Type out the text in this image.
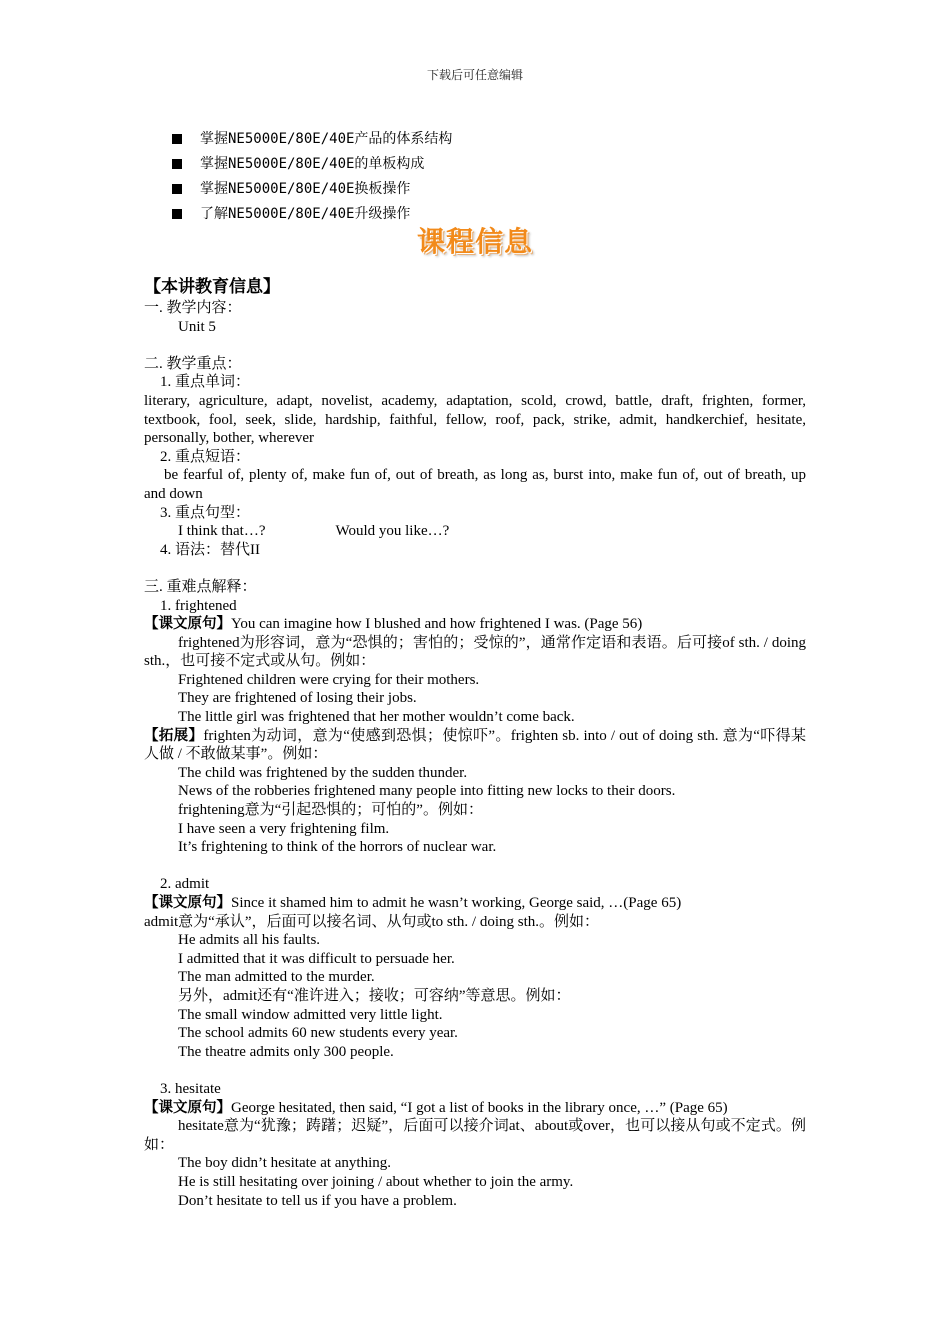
下载后可任意编辑
掌握NE5000E/80E/40E产品的体系结构
掌握NE5000E/80E/40E的单板构成
掌握NE5000E/80E/40E换板操作
了解NE5000E/80E/40E升级操作
课程信息
【本讲教育信息】
一. 教学内容：
Unit 5
二. 教学重点：
1. 重点单词：
literary, agriculture, adapt, novelist, academy, adaptation, scold, crowd, battle, draft, frighten, former, textbook, fool, seek, slide, hardship, faithful, fellow, roof, pack, strike, admit, handkerchief, hesitate, personally, bother, wherever
2. 重点短语：
be fearful of, plenty of, make fun of, out of breath, as long as, burst into, make fun of, out of breath, up and down
3. 重点句型：
I think that…?	Would you like…?
4. 语法：替代II
三. 重难点解释：
1. frightened
【课文原句】You can imagine how I blushed and how frightened I was. (Page 56)
frightened为形容词，意为“恐惧的；害怕的；受惊的”，通常作定语和表语。后可接of sth. / doing sth.，也可接不定式或从句。例如：
Frightened children were crying for their mothers.
They are frightened of losing their jobs.
The little girl was frightened that her mother wouldn’t come back.
【拓展】frighten为动词，意为“使感到恐惧；使惊吓”。frighten sb. into / out of doing sth. 意为“吓得某人做 / 不敢做某事”。例如：
The child was frightened by the sudden thunder.
News of the robberies frightened many people into fitting new locks to their doors.
frightening意为“引起恐惧的；可怕的”。例如：
I have seen a very frightening film.
It’s frightening to think of the horrors of nuclear war.
2. admit
【课文原句】Since it shamed him to admit he wasn’t working, George said, …(Page 65)
admit意为“承认”，后面可以接名词、从句或to sth. / doing sth.。例如：
He admits all his faults.
I admitted that it was difficult to persuade her.
The man admitted to the murder.
另外，admit还有“准许进入；接收；可容纳”等意思。例如：
The small window admitted very little light.
The school admits 60 new students every year.
The theatre admits only 300 people.
3. hesitate
【课文原句】George hesitated, then said, “I got a list of books in the library once, …” (Page 65)
hesitate意为“犹豫；踌躇；迟疑”，后面可以接介词at、about或over，也可以接从句或不定式。例如：
The boy didn’t hesitate at anything.
He is still hesitating over joining / about whether to join the army.
Don’t hesitate to tell us if you have a problem.
